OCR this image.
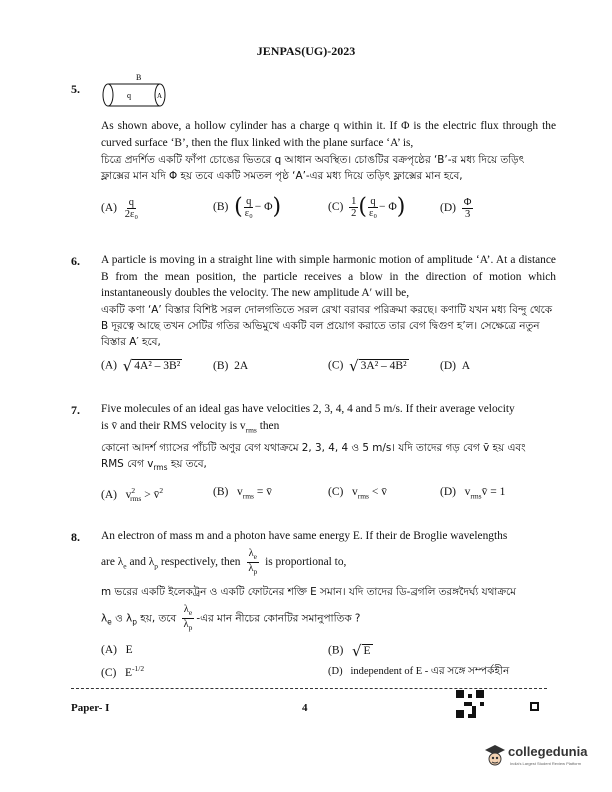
JENPAS(UG)-2023
5.
B
q	A
As shown above, a hollow cylinder has a charge q within it. If Φ is the electric flux through the curved surface ‘B’, then the flux linked with the plane surface ‘A’ is,
চিত্রে প্রদর্শিত একটি ফাঁপা চোঙের ভিতরে q আধান অবস্থিত। চোঙটির বক্রপৃষ্ঠের ‘B’-র মধ্য দিয়ে তড়িৎ ফ্লাক্সের মান যদি Φ হয় তবে একটি সমতল পৃষ্ঠ ‘A’-এর মধ্য দিয়ে তড়িৎ ফ্লাক্সের মান হবে,
$(A) \frac{q}{\text{2ε₀}}$	(B) ( $\frac{q}{\text{ε₀}} - \Phi$)	$(C) \frac{1}{2}$ ( $\frac{q}{\text{ε₀}} - \Phi$)	$(D) \frac{\Phi}{3}$
6. A particle is moving in a straight line with simple harmonic motion of amplitude ‘A’. At a distance B from the mean position, the particle receives a blow in the direction of motion which instantaneously doubles the velocity. The new amplitude A′ will be,
একটি কণা ‘A’ বিস্তার বিশিষ্ট সরল দোলগতিতে সরল রেখা বরাবর পরিক্রমা করছে। কণাটি যখন মধ্য বিন্দু থেকে B দূরত্বে আছে তখন সেটির গতির অভিমুখে একটি বল প্রয়োগ করাতে তার বেগ দ্বিগুণ হ’ল। সেক্ষেত্রে নতুন বিস্তার A′ হবে,
(A) √ 4A² – 3B²	(B) 2A	(C) √ 3A² – 4B²	(D) A
7. Five molecules of an ideal gas have velocities 2, 3, 4, 4 and 5 m/s. If their average velocity
is v̄ and their RMS velocity is $v_{rms}$ then
কোনো আদর্শ গ্যাসের পাঁচটি অণুর বেগ যথাক্রমে 2, 3, 4, 4 ও 5 m/s। যদি তাদের গড় বেগ v̄ হয় এবং
RMS বেগ $v_{rms}$ হয় তবে,
(A) $v^2_{rms}$ > v̄$^2$	(B) $v_{rms}$ = v̄	(C) $v_{rms}$ < v̄	(D) $v_{rms}v̄ = 1$
8. An electron of mass m and a photon have same energy E. If their de Broglie wavelengths
are $\lambda_e$ and $\lambda_p$ respectively, then $\frac{\lambda_e}{\lambda_p}$ is proportional to,
m ভরের একটি ইলেকট্রন ও একটি ফোটনের শক্তি E সমান। যদি তাদের ডি-ব্রগলি তরঙ্গদৈর্ঘ্য যথাক্রমে
$\lambda_e$ ও $\lambda_p$ হয়, তবে $\frac{\lambda_e}{\lambda_p}$ -এর মান নীচের কোনটির সমানুপাতিক ?
(A) E	(B) √ E
(C) $E^{-1/2}$	(D) independent of E - এর সঙ্গে সম্পর্কহীন
Paper- I	4
collegedunia
India's Largest Student Review Platform
